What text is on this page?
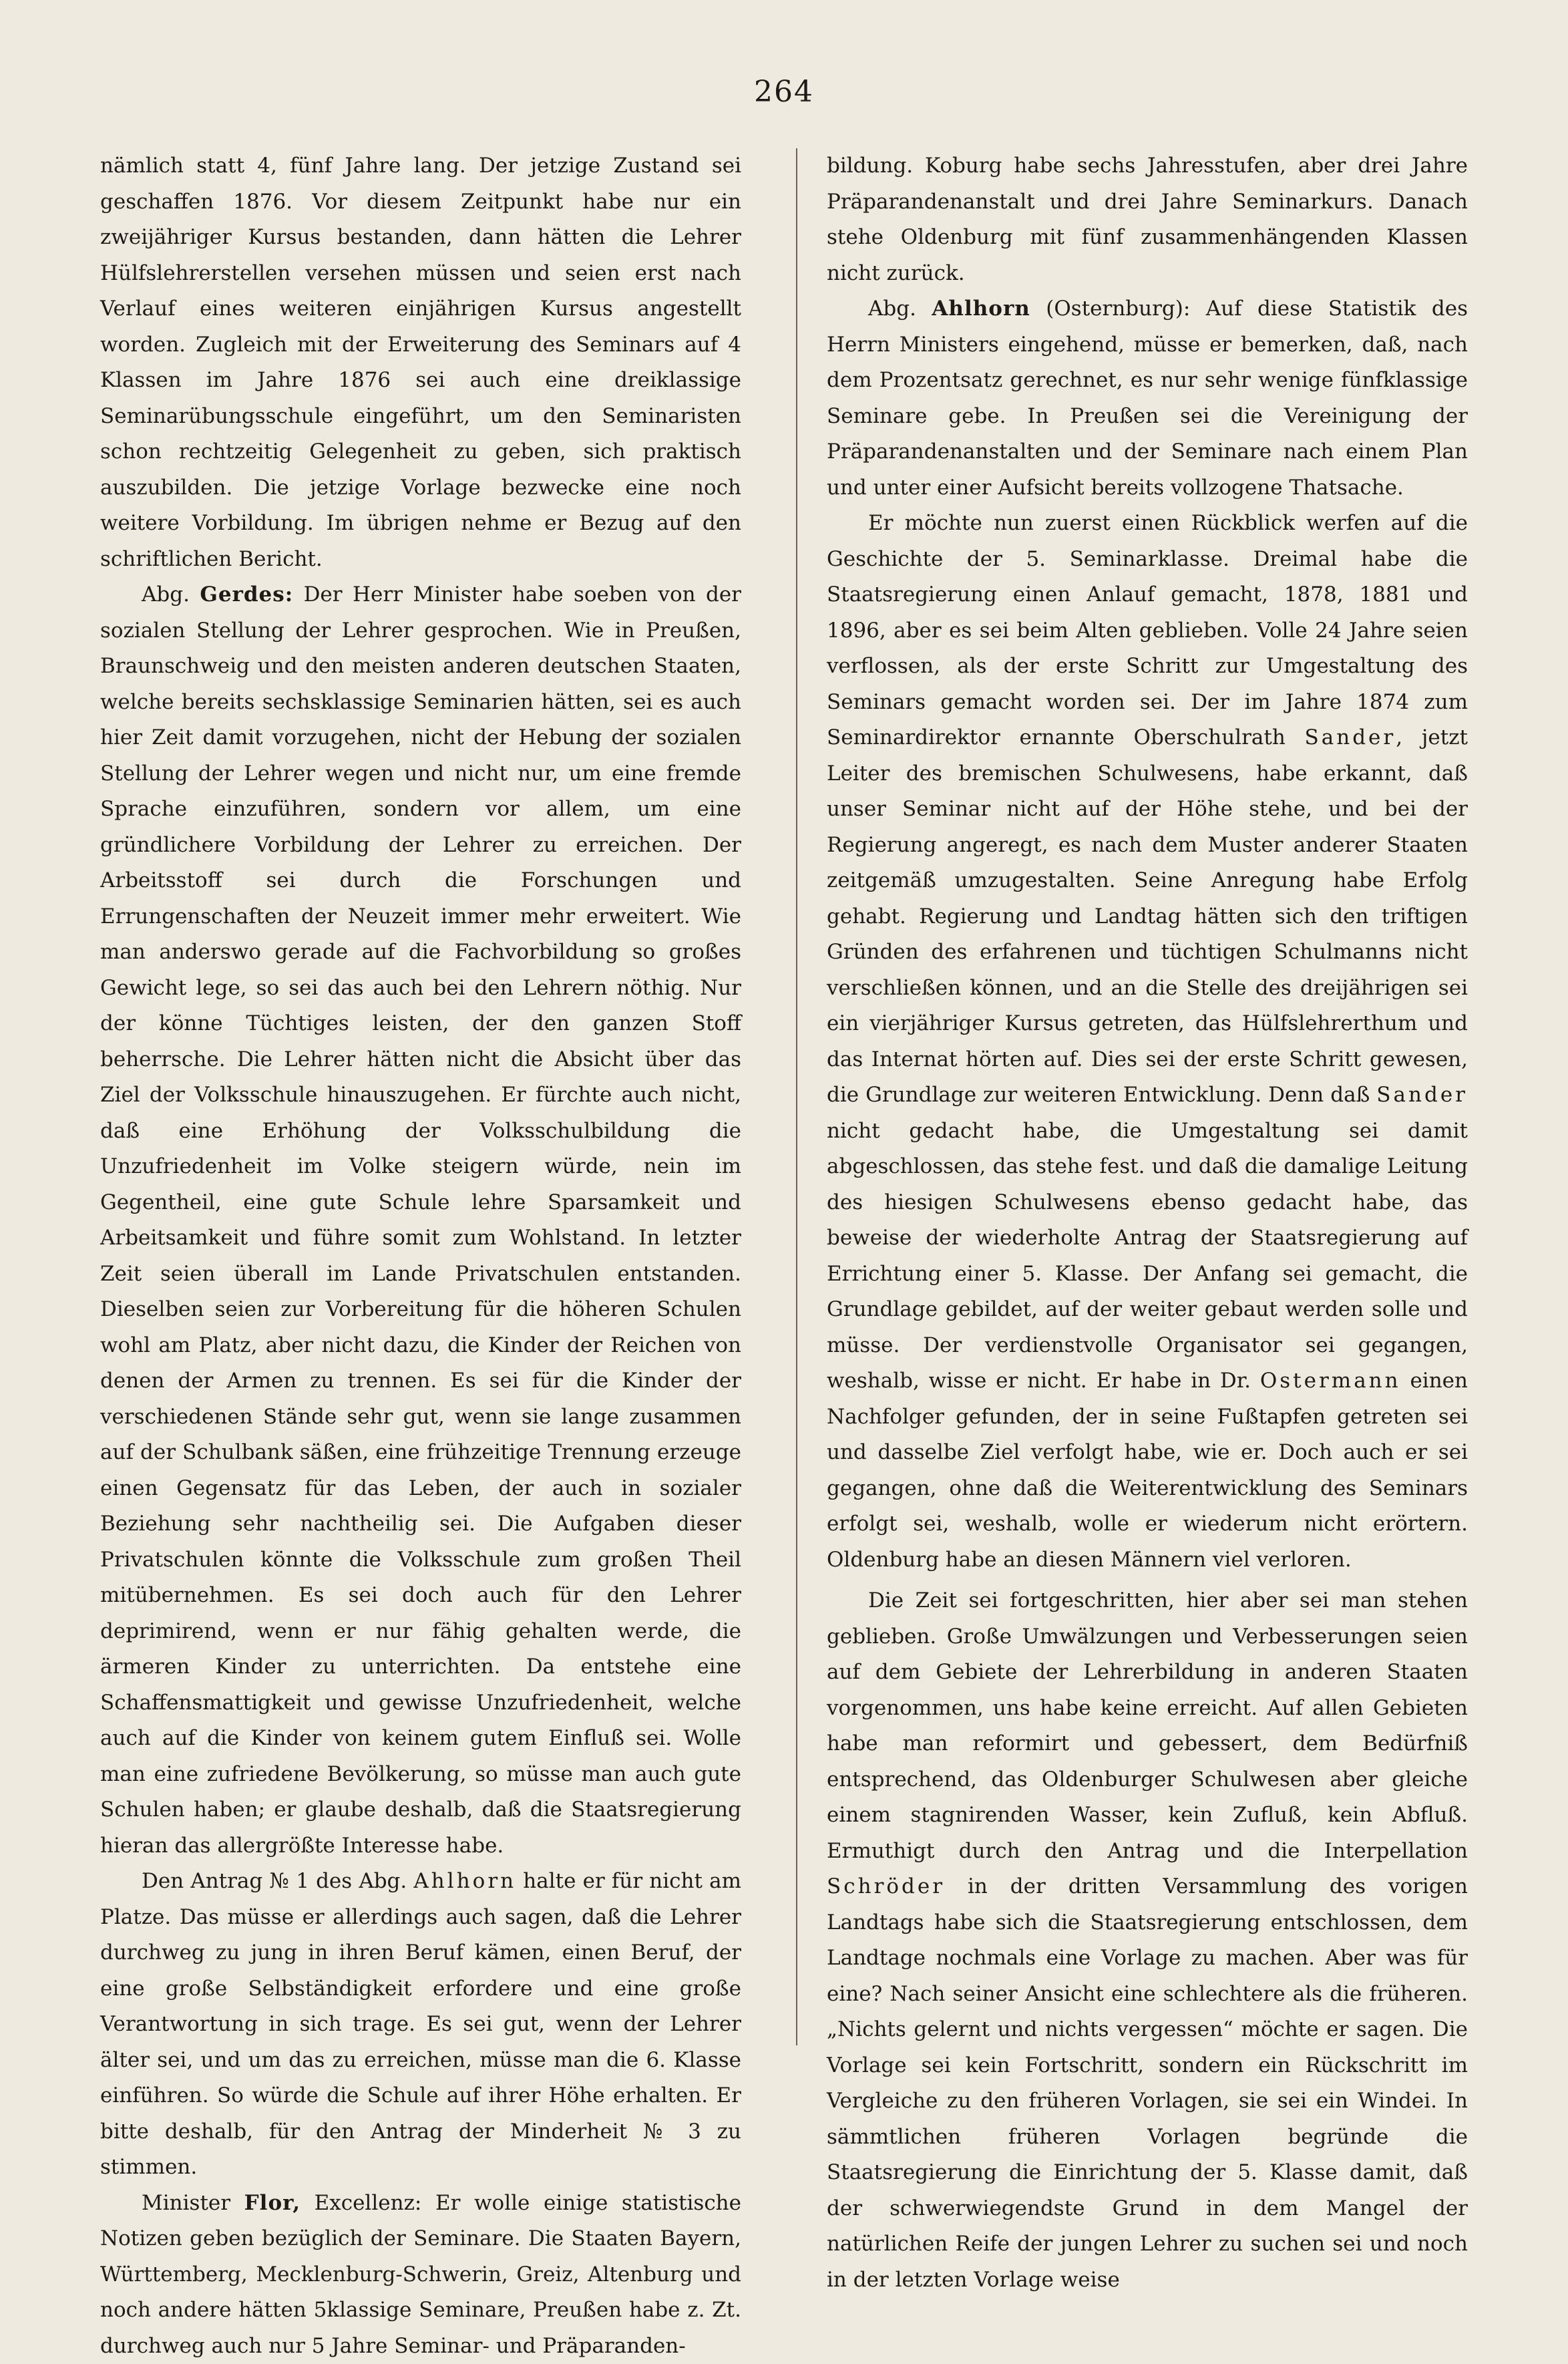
264

nämlich statt 4, fünf Jahre lang. Der jetzige Zustand sei geschaffen 1876. Vor diesem Zeitpunkt habe nur ein zweijähriger Kursus bestanden, dann hätten die Lehrer Hülfslehrerstellen versehen müssen und seien erst nach Verlauf eines weiteren einjährigen Kursus angestellt worden. Zugleich mit der Erweiterung des Seminars auf 4 Klassen im Jahre 1876 sei auch eine dreiklassige Seminarübungsschule eingeführt, um den Seminaristen schon rechtzeitig Gelegenheit zu geben, sich praktisch auszubilden. Die jetzige Vorlage bezwecke eine noch weitere Vorbildung. Im übrigen nehme er Bezug auf den schriftlichen Bericht.

Abg. Gerdes: Der Herr Minister habe soeben von der sozialen Stellung der Lehrer gesprochen. Wie in Preußen, Braunschweig und den meisten anderen deutschen Staaten, welche bereits sechsklassige Seminarien hätten, sei es auch hier Zeit damit vorzugehen, nicht der Hebung der sozialen Stellung der Lehrer wegen und nicht nur, um eine fremde Sprache einzuführen, sondern vor allem, um eine gründlichere Vorbildung der Lehrer zu erreichen. Der Arbeitsstoff sei durch die Forschungen und Errungenschaften der Neuzeit immer mehr erweitert. Wie man anderswo gerade auf die Fachvorbildung so großes Gewicht lege, so sei das auch bei den Lehrern nöthig. Nur der könne Tüchtiges leisten, der den ganzen Stoff beherrsche. Die Lehrer hätten nicht die Absicht über das Ziel der Volksschule hinauszugehen. Er fürchte auch nicht, daß eine Erhöhung der Volksschulbildung die Unzufriedenheit im Volke steigern würde, nein im Gegentheil, eine gute Schule lehre Sparsamkeit und Arbeitsamkeit und führe somit zum Wohlstand. In letzter Zeit seien überall im Lande Privatschulen entstanden. Dieselben seien zur Vorbereitung für die höheren Schulen wohl am Platz, aber nicht dazu, die Kinder der Reichen von denen der Armen zu trennen. Es sei für die Kinder der verschiedenen Stände sehr gut, wenn sie lange zusammen auf der Schulbank säßen, eine frühzeitige Trennung erzeuge einen Gegensatz für das Leben, der auch in sozialer Beziehung sehr nachtheilig sei. Die Aufgaben dieser Privatschulen könnte die Volksschule zum großen Theil mitübernehmen. Es sei doch auch für den Lehrer deprimirend, wenn er nur fähig gehalten werde, die ärmeren Kinder zu unterrichten. Da entstehe eine Schaffensmattigkeit und gewisse Unzufriedenheit, welche auch auf die Kinder von keinem gutem Einfluß sei. Wolle man eine zufriedene Bevölkerung, so müsse man auch gute Schulen haben; er glaube deshalb, daß die Staatsregierung hieran das allergrößte Interesse habe.

Den Antrag № 1 des Abg. Ahlhorn halte er für nicht am Platze. Das müsse er allerdings auch sagen, daß die Lehrer durchweg zu jung in ihren Beruf kämen, einen Beruf, der eine große Selbständigkeit erfordere und eine große Verantwortung in sich trage. Es sei gut, wenn der Lehrer älter sei, und um das zu erreichen, müsse man die 6. Klasse einführen. So würde die Schule auf ihrer Höhe erhalten. Er bitte deshalb, für den Antrag der Minderheit № 3 zu stimmen.

Minister Flor, Excellenz: Er wolle einige statistische Notizen geben bezüglich der Seminare. Die Staaten Bayern, Württemberg, Mecklenburg-Schwerin, Greiz, Altenburg und noch andere hätten 5klassige Seminare, Preußen habe z. Zt. durchweg auch nur 5 Jahre Seminar- und Präparanden-

bildung. Koburg habe sechs Jahresstufen, aber drei Jahre Präparandenanstalt und drei Jahre Seminarkurs. Danach stehe Oldenburg mit fünf zusammenhängenden Klassen nicht zurück.

Abg. Ahlhorn (Osternburg): Auf diese Statistik des Herrn Ministers eingehend, müsse er bemerken, daß, nach dem Prozentsatz gerechnet, es nur sehr wenige fünfklassige Seminare gebe. In Preußen sei die Vereinigung der Präparandenanstalten und der Seminare nach einem Plan und unter einer Aufsicht bereits vollzogene Thatsache.

Er möchte nun zuerst einen Rückblick werfen auf die Geschichte der 5. Seminarklasse. Dreimal habe die Staatsregierung einen Anlauf gemacht, 1878, 1881 und 1896, aber es sei beim Alten geblieben. Volle 24 Jahre seien verflossen, als der erste Schritt zur Umgestaltung des Seminars gemacht worden sei. Der im Jahre 1874 zum Seminardirektor ernannte Oberschulrath Sander, jetzt Leiter des bremischen Schulwesens, habe erkannt, daß unser Seminar nicht auf der Höhe stehe, und bei der Regierung angeregt, es nach dem Muster anderer Staaten zeitgemäß umzugestalten. Seine Anregung habe Erfolg gehabt. Regierung und Landtag hätten sich den triftigen Gründen des erfahrenen und tüchtigen Schulmanns nicht verschließen können, und an die Stelle des dreijährigen sei ein vierjähriger Kursus getreten, das Hülfslehrerthum und das Internat hörten auf. Dies sei der erste Schritt gewesen, die Grundlage zur weiteren Entwicklung. Denn daß Sander nicht gedacht habe, die Umgestaltung sei damit abgeschlossen, das stehe fest. und daß die damalige Leitung des hiesigen Schulwesens ebenso gedacht habe, das beweise der wiederholte Antrag der Staatsregierung auf Errichtung einer 5. Klasse. Der Anfang sei gemacht, die Grundlage gebildet, auf der weiter gebaut werden solle und müsse. Der verdienstvolle Organisator sei gegangen, weshalb, wisse er nicht. Er habe in Dr. Ostermann einen Nachfolger gefunden, der in seine Fußtapfen getreten sei und dasselbe Ziel verfolgt habe, wie er. Doch auch er sei gegangen, ohne daß die Weiterentwicklung des Seminars erfolgt sei, weshalb, wolle er wiederum nicht erörtern. Oldenburg habe an diesen Männern viel verloren.

Die Zeit sei fortgeschritten, hier aber sei man stehen geblieben. Große Umwälzungen und Verbesserungen seien auf dem Gebiete der Lehrerbildung in anderen Staaten vorgenommen, uns habe keine erreicht. Auf allen Gebieten habe man reformirt und gebessert, dem Bedürfniß entsprechend, das Oldenburger Schulwesen aber gleiche einem stagnirenden Wasser, kein Zufluß, kein Abfluß. Ermuthigt durch den Antrag und die Interpellation Schröder in der dritten Versammlung des vorigen Landtags habe sich die Staatsregierung entschlossen, dem Landtage nochmals eine Vorlage zu machen. Aber was für eine? Nach seiner Ansicht eine schlechtere als die früheren. „Nichts gelernt und nichts vergessen“ möchte er sagen. Die Vorlage sei kein Fortschritt, sondern ein Rückschritt im Vergleiche zu den früheren Vorlagen, sie sei ein Windei. In sämmtlichen früheren Vorlagen begründe die Staatsregierung die Einrichtung der 5. Klasse damit, daß der schwerwiegendste Grund in dem Mangel der natürlichen Reife der jungen Lehrer zu suchen sei und noch in der letzten Vorlage weise
